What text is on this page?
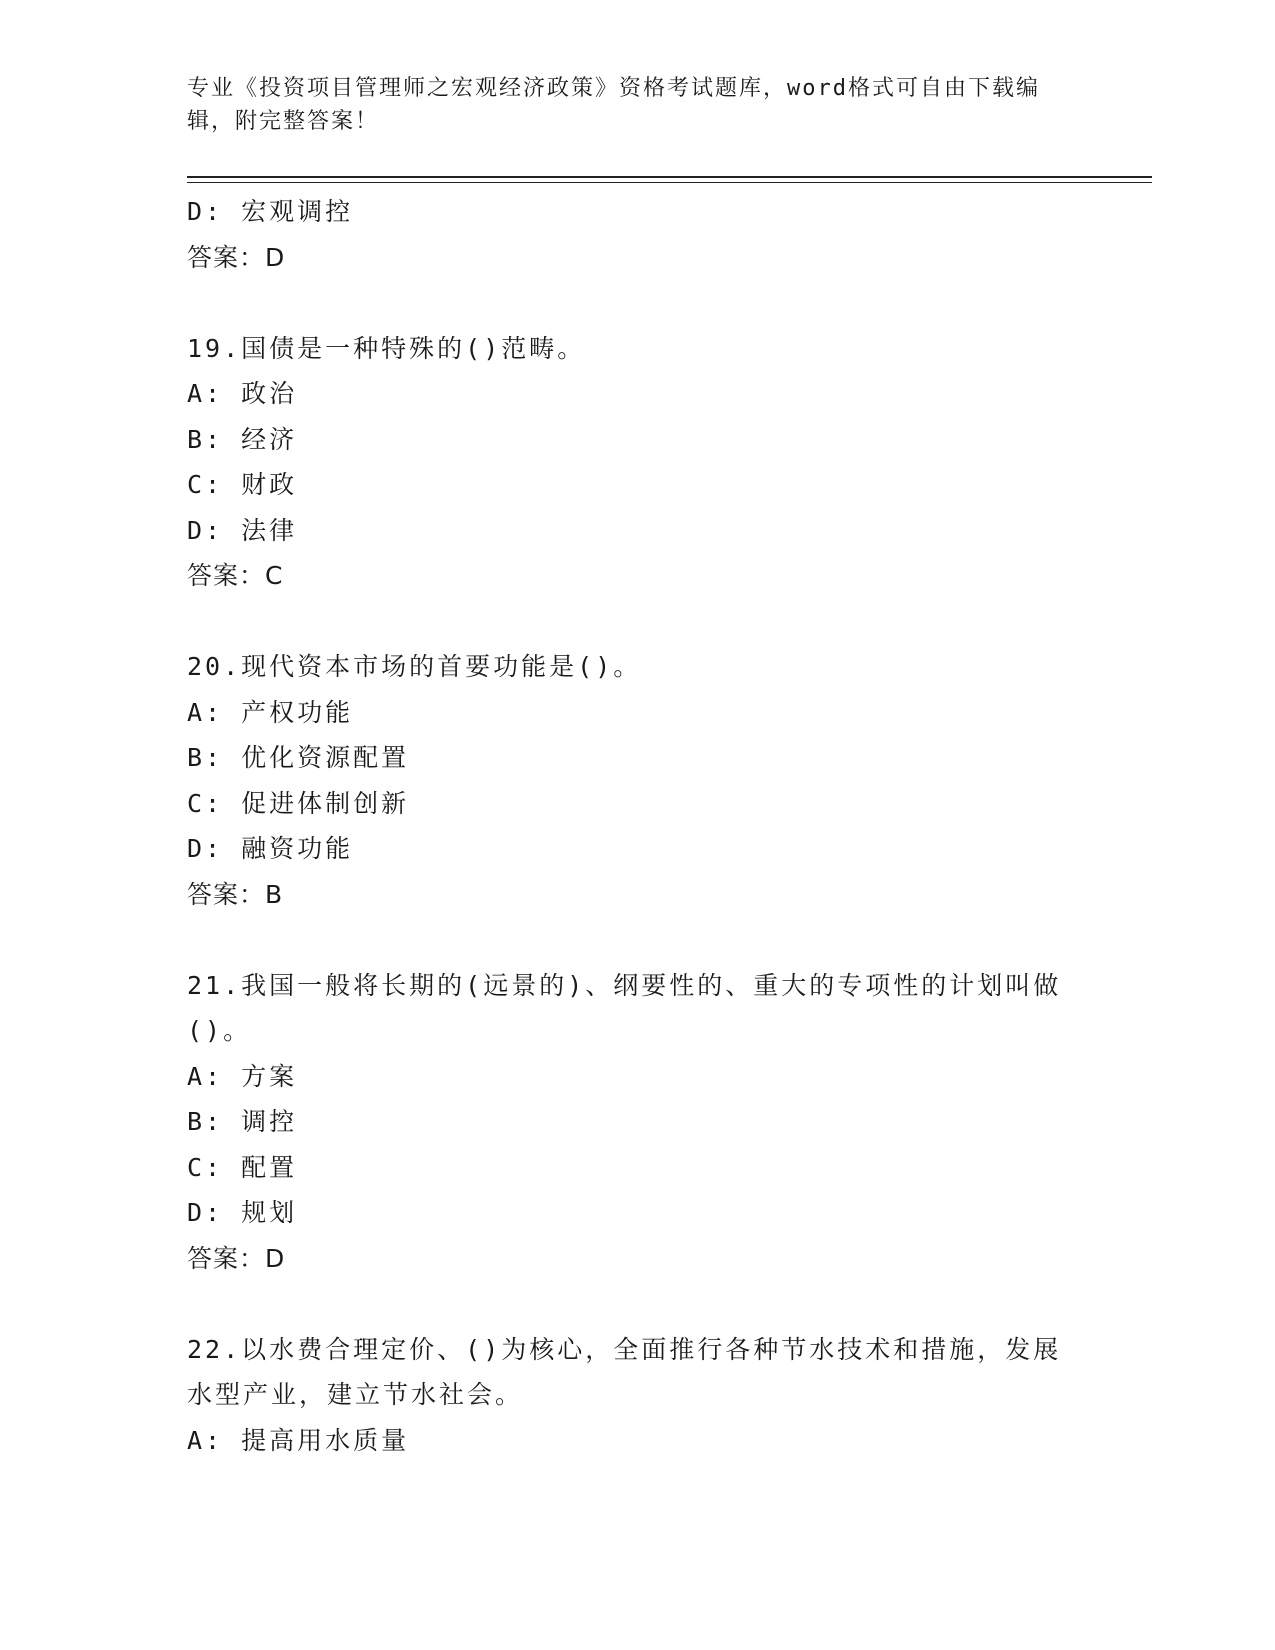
专业《投资项目管理师之宏观经济政策》资格考试题库，word格式可自由下载编辑，附完整答案！
D: 宏观调控
答案：D
19.国债是一种特殊的()范畴。
A: 政治
B: 经济
C: 财政
D: 法律
答案：C
20.现代资本市场的首要功能是()。
A: 产权功能
B: 优化资源配置
C: 促进体制创新
D: 融资功能
答案：B
21.我国一般将长期的(远景的)、纲要性的、重大的专项性的计划叫做
()。
A: 方案
B: 调控
C: 配置
D: 规划
答案：D
22.以水费合理定价、()为核心，全面推行各种节水技术和措施，发展
水型产业，建立节水社会。
A: 提高用水质量
